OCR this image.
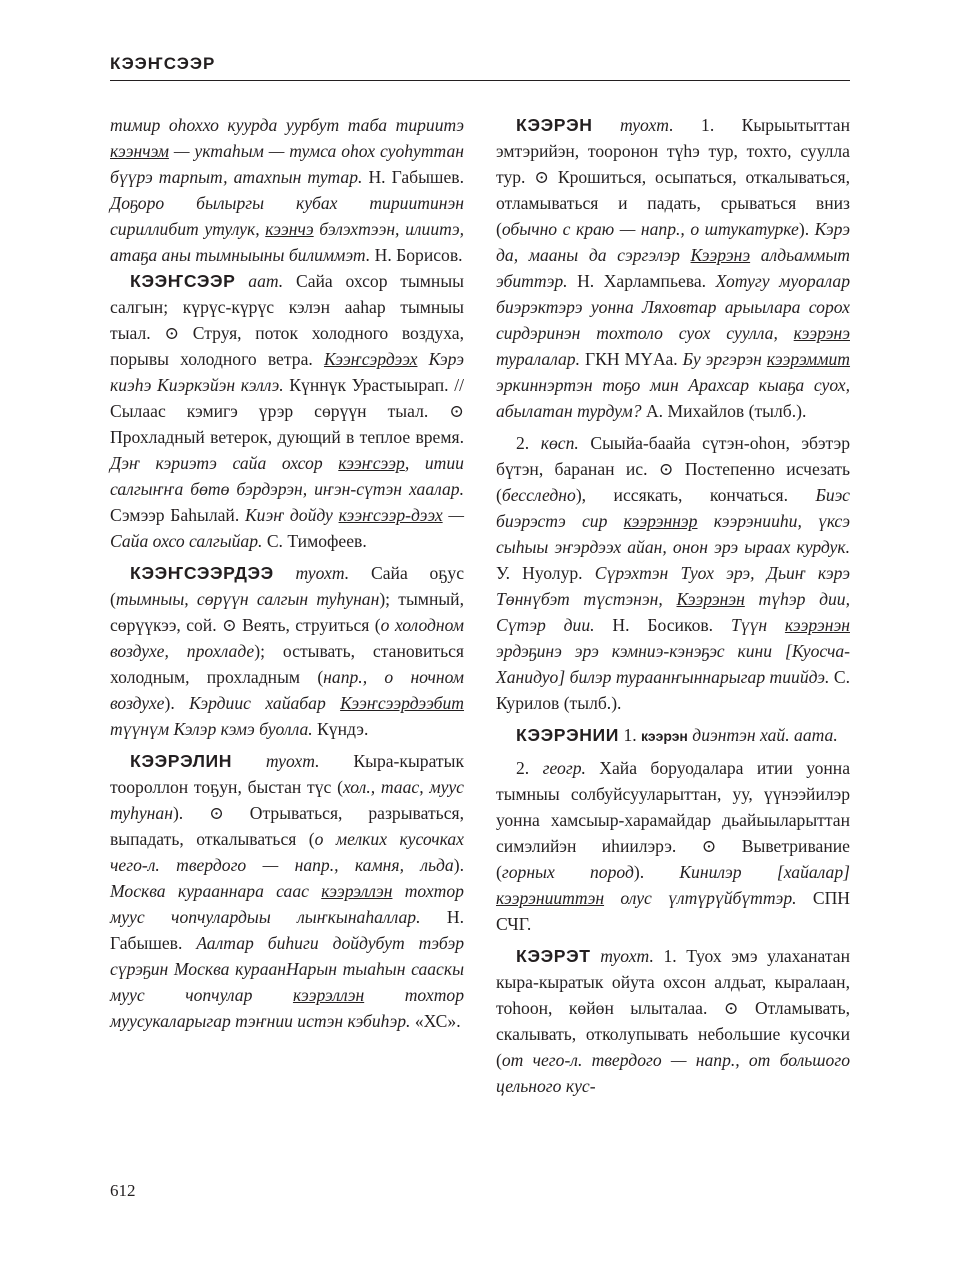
КЭЭҤСЭЭР

тимир оһоххо куурда уурбут таба тириитэ кээнчэм — уктаһым — тумса оһох суоһуттан бүүрэ тарпыт, атахпын тутар. Н. Габышев. Доҕоро былыргы кубах тириитинэн сириллибит утулук, кээнчэ бэлэхтээн, илиитэ, атаҕа аны тымныыны билиммэт. Н. Борисов.

КЭЭҤСЭЭР аат. Сайа охсор тымныы салгын; күрүс-күрүс кэлэн ааһар тымныы тыал. ⊙ Струя, поток холодного воздуха, порывы холодного ветра. Кээҥсэрдээх Кэрэ киэһэ Киэркэйэн кэллэ. Күннүк Урастыырап. // Сылаас кэмигэ үрэр сөрүүн тыал. ⊙ Прохладный ветерок, дующий в теплое время. Дэҥ кэриэтэ сайа охсор кээҥсээр, итии салгыҥҥа бөтө бэрдэрэн, иҥэн-сүтэн хаалар. Сэмээр Баһылай. Киэҥ дойду кээҥсээр-дээх — Сайа охсо салгыйар. С. Тимофеев.

КЭЭҤСЭЭРДЭЭ туохт. Сайа оҕус (тымныы, сөрүүн салгын туһунан); тымный, сөрүүкээ, сой. ⊙ Веять, струиться (о холодном воздухе, прохладе); остывать, становиться холодным, прохладным (напр., о ночном воздухе). Кэрдиис хайабар Кээҥсээрдээбит түүнүм Кэлэр кэмэ буолла. Күндэ.

КЭЭРЭЛИН туохт. Кыра-кыратык тоороллон тоҕун, быстан түс (хол., таас, муус туһунан). ⊙ Отрываться, разрываться, выпадать, откалываться (о мелких кусочках чего-л. твердого — напр., камня, льда). Москва курааннара саас кээрэллэн тохтор муус чопчулардыы лыҥкынаһаллар. Н. Габышев. Аалтар биһиги дойдубут тэбэр сүрэҕин Москва кураанНарын тыаһын сааскы муус чопчулар кээрэллэн тохтор муусукаларыгар тэҥнии истэн кэбиһэр. «ХС».

КЭЭРЭН туохт. 1. Кырыытыттан эмтэрийэн, тооронон түһэ тур, тохто, суулла тур. ⊙ Крошиться, осыпаться, откалываться, отламываться и падать, срываться вниз (обычно с краю — напр., о штукатурке). Кэрэ да, мааны да сэргэлэр Кээрэнэ алдьаммыт эбиттэр. Н. Харлампьева. Хотугу муоралар биэрэктэрэ уонна Ляховтар арыылара сорох сирдэринэн тохтоло суох суулла, кээрэнэ туралалар. ГКН МҮАа. Бу эргэрэн кээрэммит эркиннэртэн тоҕо мин Арахсар кыаҕа суох, абылатан турдум? А. Михайлов (тылб.).

2. көсп. Сыыйа-баайа сүтэн-оһон, эбэтэр бүтэн, баранан ис. ⊙ Постепенно исчезать (бесследно), иссякать, кончаться. Биэс биэрэстэ сир кээрэннэр кээрэнииһи, үксэ сыһыы эҥэрдээх айан, онон эрэ ыраах курдук. У. Нуолур. Сүрэхтэн Туох эрэ, Дьиҥ кэрэ Төннүбэт түстэнэн, Кээрэнэн түһэр дии, Сүтэр дии. Н. Босиков. Түүн кээрэнэн эрдэҕинэ эрэ кэмниэ-кэнэҕэс кини [Куосча-Ханидуо] билэр тураанҥыннарыгар тиийдэ. С. Курилов (тылб.).

КЭЭРЭНИИ 1. кээрэн диэнтэн хай. аата.

2. геогр. Хайа боруодалара итии уонна тымныы солбуйсууларыттан, уу, үүнээйилэр уонна хамсыыр-харамайдар дьайыыларыттан симэлийэн иһиилэрэ. ⊙ Выветривание (горных пород). Кинилэр [хайалар] кээрэнииттэн олус үлтүрүйбүттэр. СПН СЧГ.

КЭЭРЭТ туохт. 1. Туох эмэ улаханатан кыра-кыратык ойута охсон алдьат, кыралаан, тоһоон, көйөн ылыталаа. ⊙ Отламывать, скалывать, отколупывать небольшие кусочки (от чего-л. твердого — напр., от большого цельного кус-

612
